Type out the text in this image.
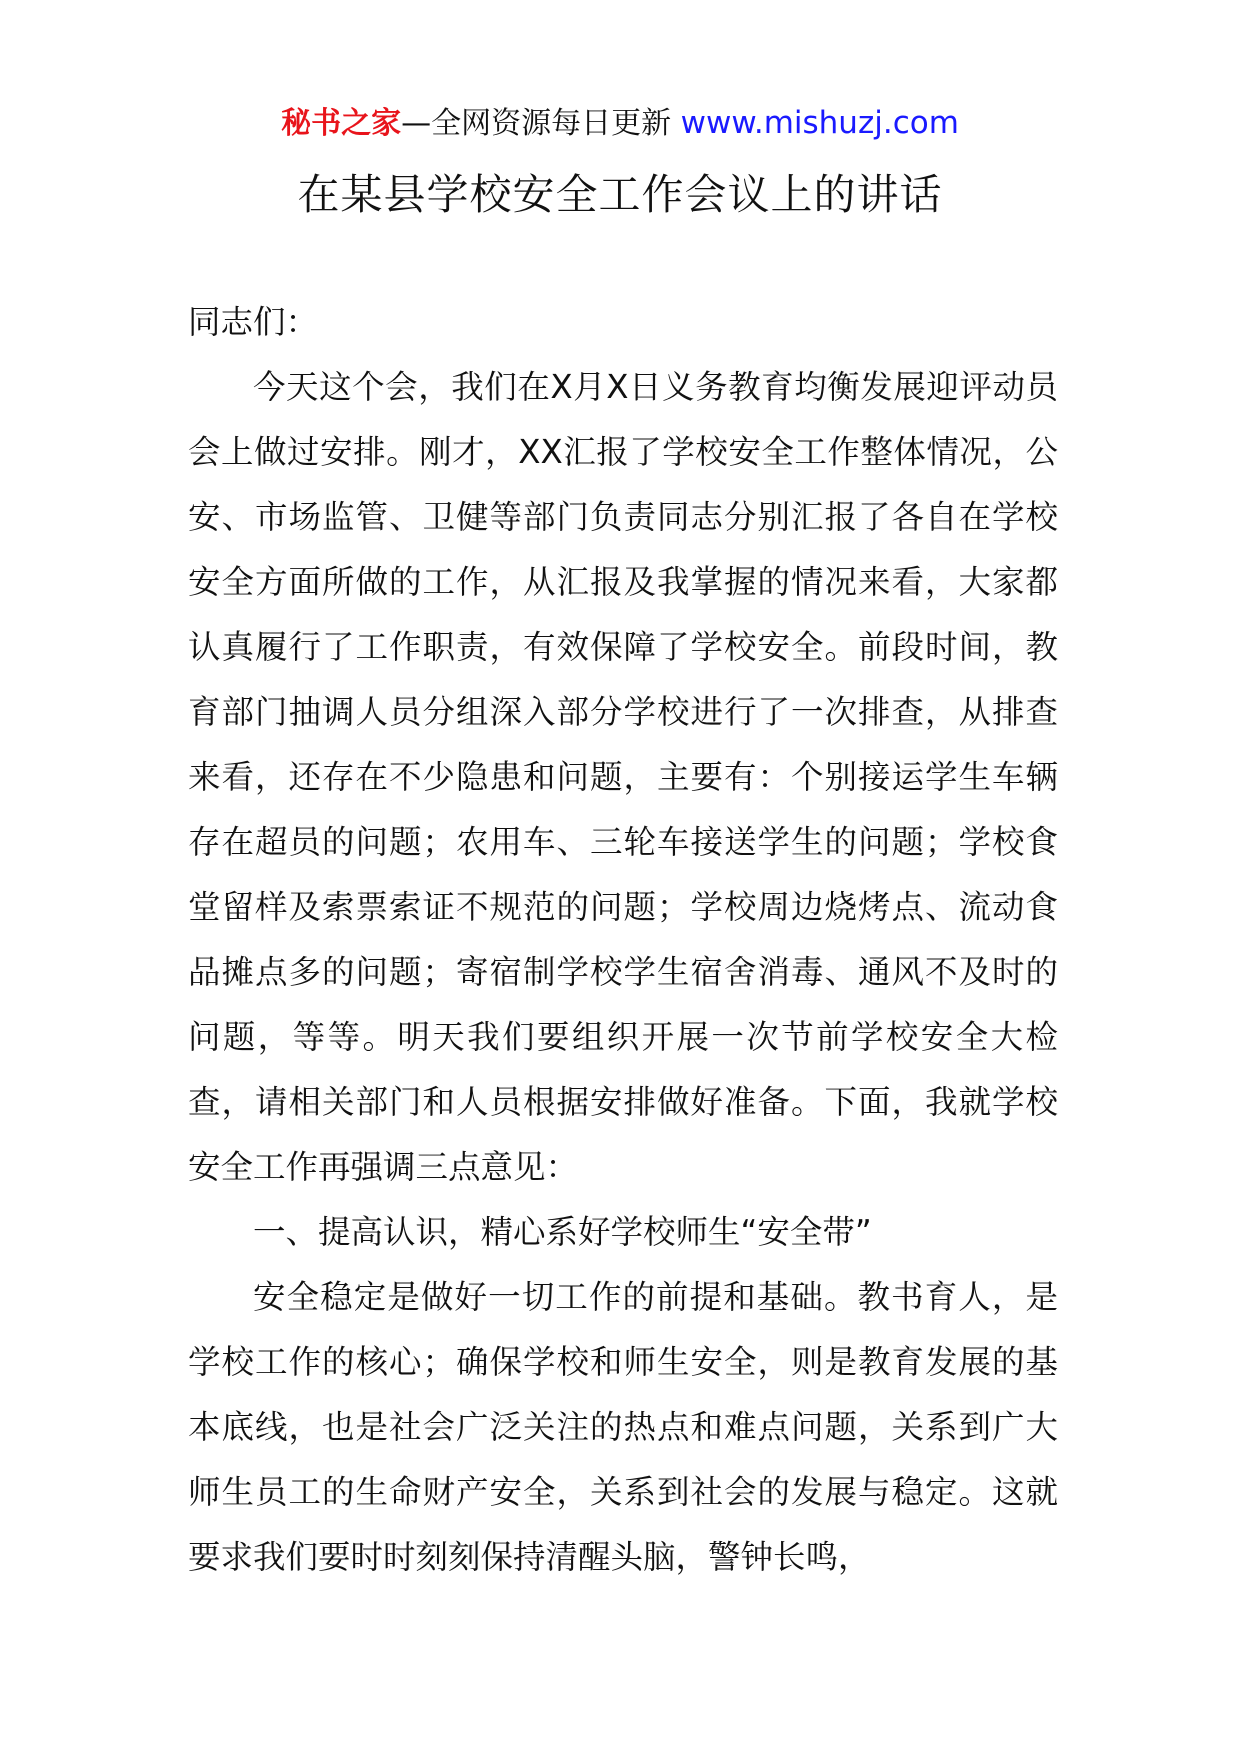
秘书之家—全网资源每日更新 www.mishuzj.com
在某县学校安全工作会议上的讲话

同志们：

今天这个会，我们在X月X日义务教育均衡发展迎评动员会上做过安排。刚才，XX汇报了学校安全工作整体情况，公安、市场监管、卫健等部门负责同志分别汇报了各自在学校安全方面所做的工作，从汇报及我掌握的情况来看，大家都认真履行了工作职责，有效保障了学校安全。前段时间，教育部门抽调人员分组深入部分学校进行了一次排查，从排查来看，还存在不少隐患和问题，主要有：个别接运学生车辆存在超员的问题；农用车、三轮车接送学生的问题；学校食堂留样及索票索证不规范的问题；学校周边烧烤点、流动食品摊点多的问题；寄宿制学校学生宿舍消毒、通风不及时的问题，等等。明天我们要组织开展一次节前学校安全大检查，请相关部门和人员根据安排做好准备。下面，我就学校安全工作再强调三点意见：

一、提高认识，精心系好学校师生“安全带”

安全稳定是做好一切工作的前提和基础。教书育人，是学校工作的核心；确保学校和师生安全，则是教育发展的基本底线，也是社会广泛关注的热点和难点问题，关系到广大师生员工的生命财产安全，关系到社会的发展与稳定。这就要求我们要时时刻刻保持清醒头脑，警钟长鸣，
